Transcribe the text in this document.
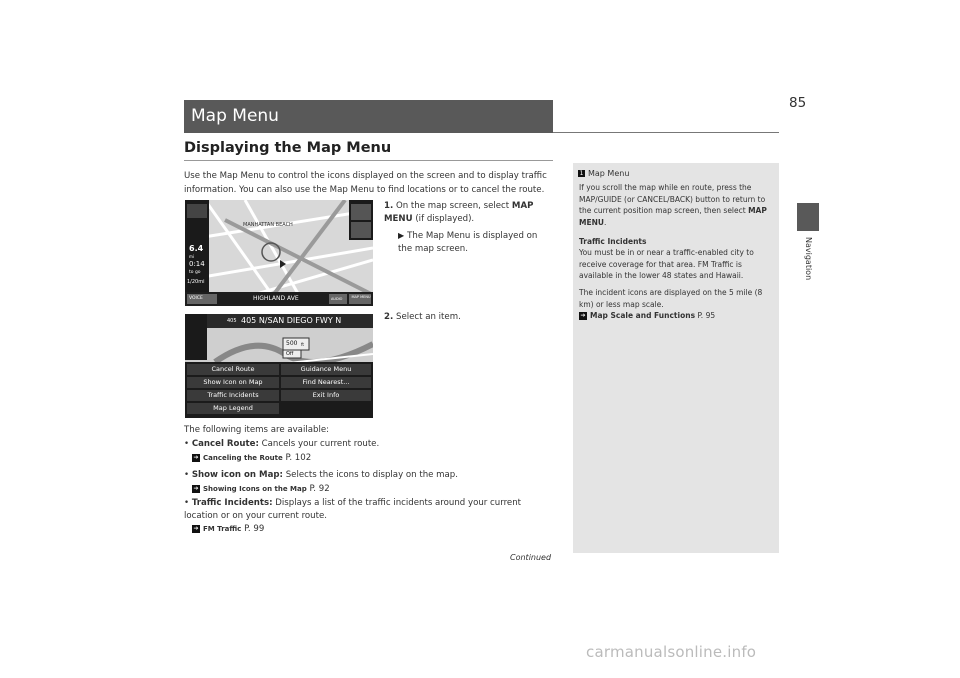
85
Navigation
Map Menu
Displaying the Map Menu
Use the Map Menu to control the icons displayed on the screen and to display traffic information. You can also use the Map Menu to find locations or to cancel the route.
MANHATTAN BEACH
6.4
mi
0:14
to go
1/20mi
VOICE	HIGHLAND AVE	AUDIO	MAP MENU
405 405 N/SAN DIEGO FWY N
500 ft
Off
Cancel Route	Guidance Menu
Show Icon on Map	Find Nearest...
Traffic Incidents	Exit Info
Map Legend
1. On the map screen, select MAP MENU (if displayed).
▶ The Map Menu is displayed on the map screen.
2. Select an item.
The following items are available:
• Cancel Route: Cancels your current route.
➔ Canceling the Route P. 102
• Show icon on Map: Selects the icons to display on the map.
➔ Showing Icons on the Map P. 92
• Traffic Incidents: Displays a list of the traffic incidents around your current location or on your current route.
➔ FM Traffic P. 99
Continued
1 Map Menu
If you scroll the map while en route, press the MAP/GUIDE (or CANCEL/BACK) button to return to the current position map screen, then select MAP MENU.
Traffic Incidents
You must be in or near a traffic-enabled city to receive coverage for that area. FM Traffic is available in the lower 48 states and Hawaii.
The incident icons are displayed on the 5 mile (8 km) or less map scale.
➔ Map Scale and Functions P. 95
carmanualsonline.info
